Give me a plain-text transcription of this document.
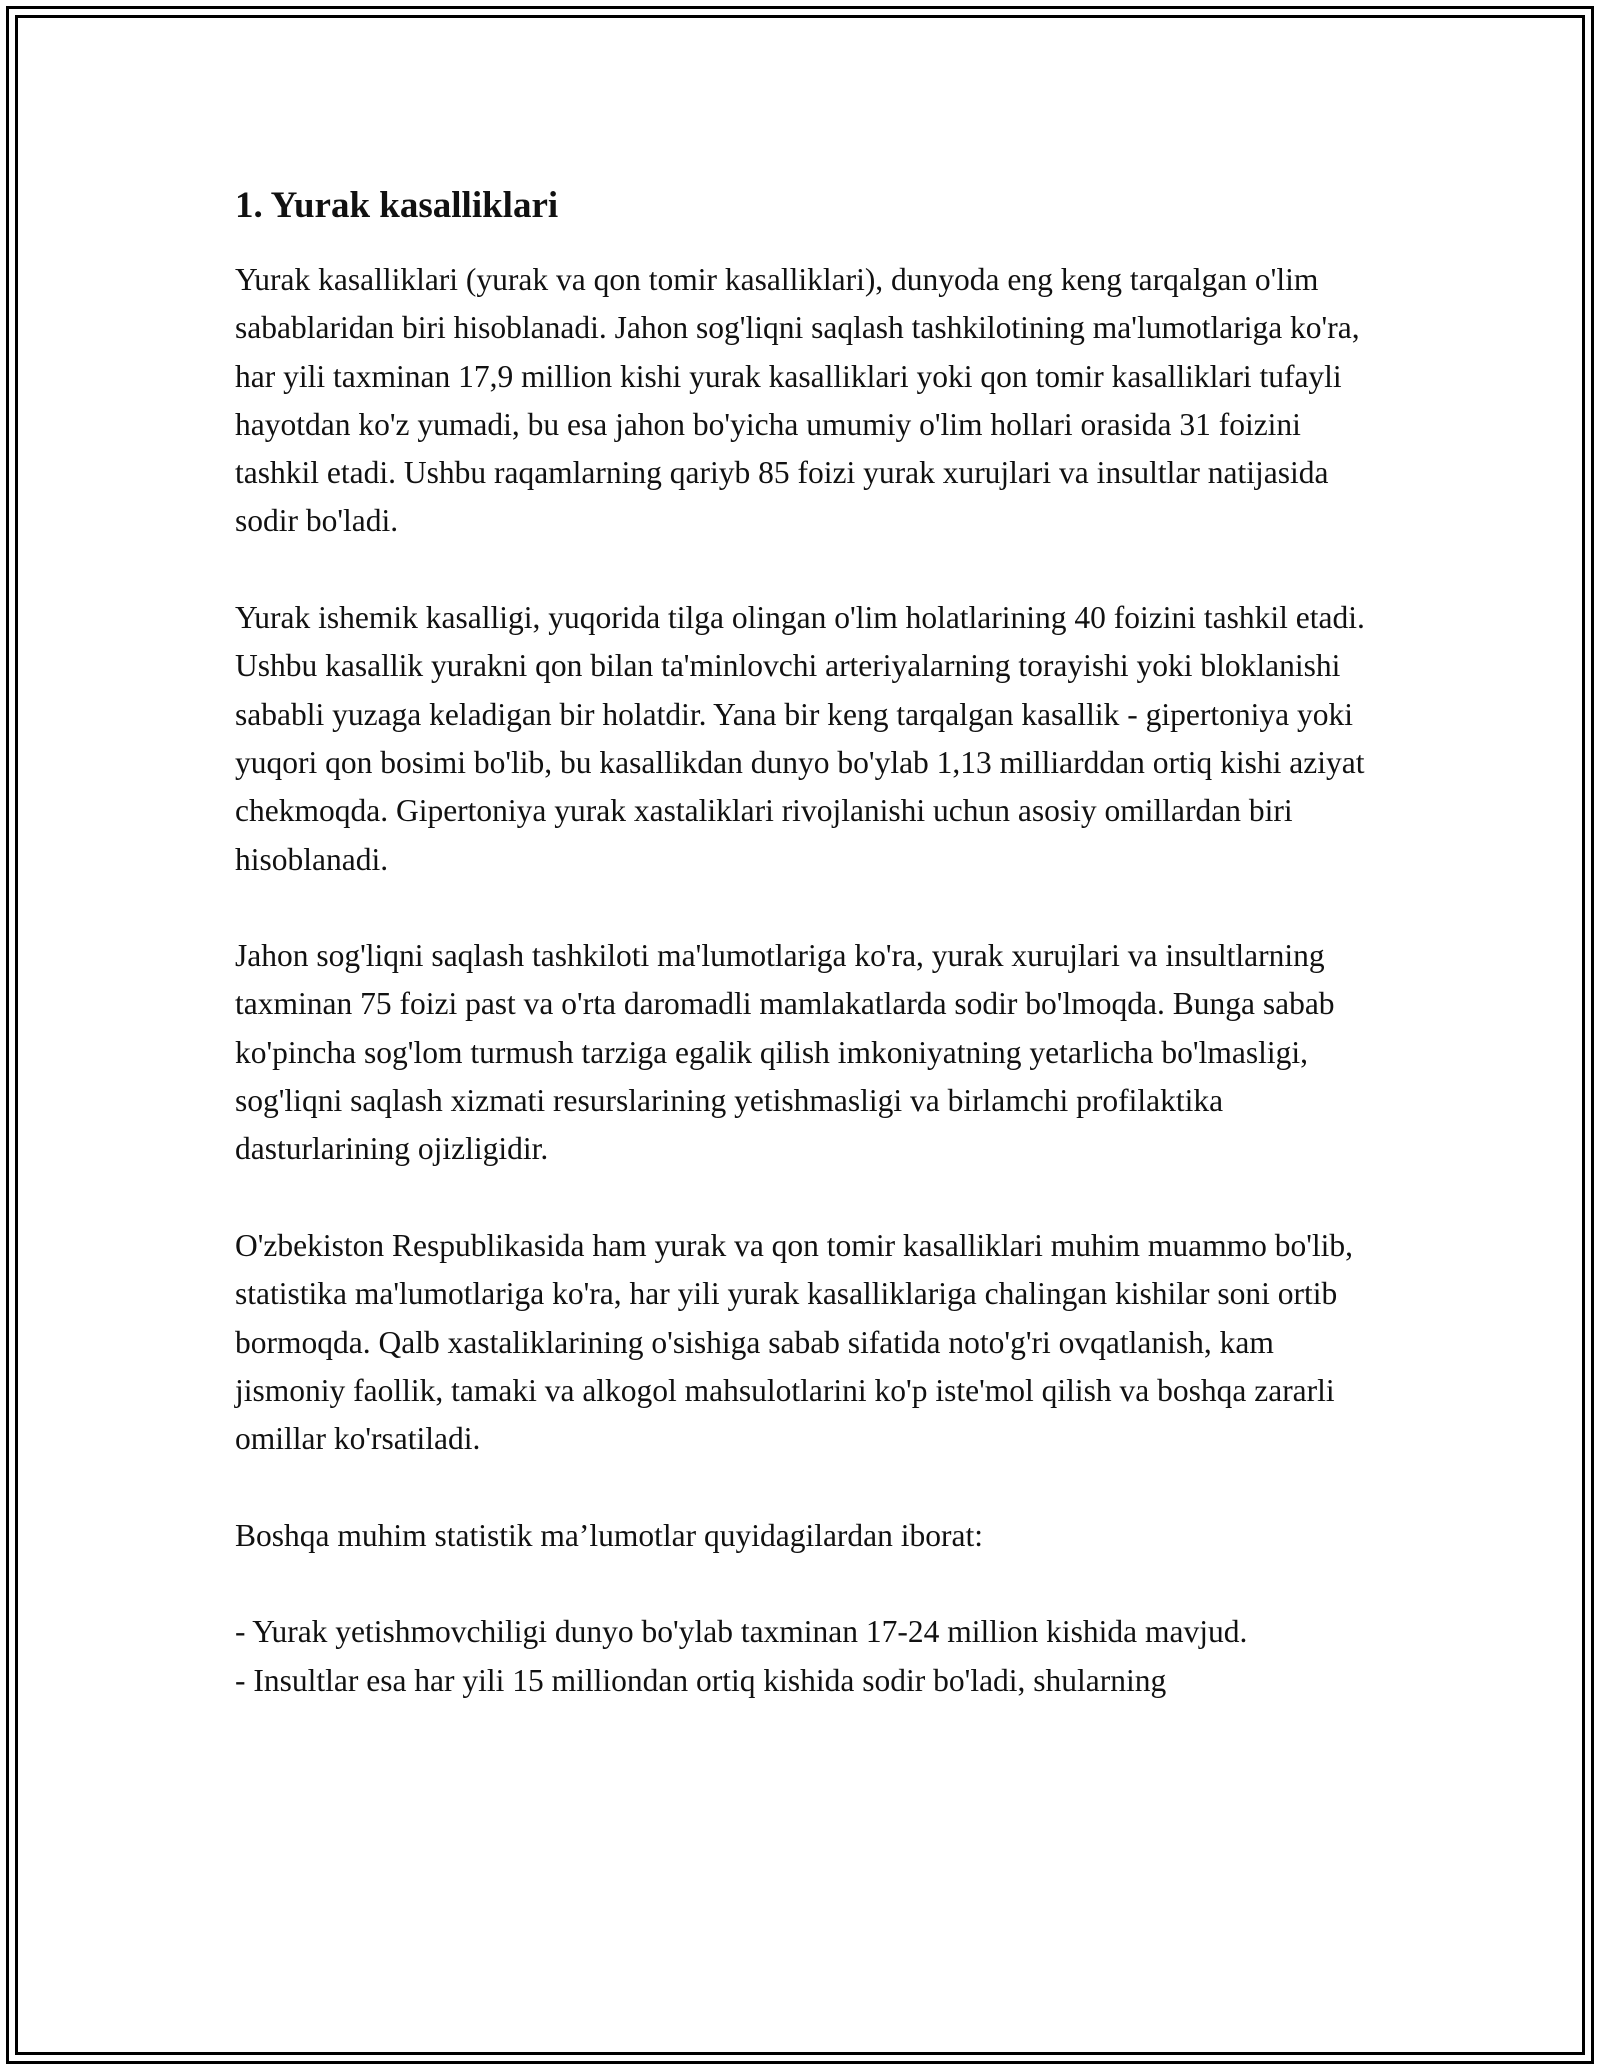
1. Yurak kasalliklari

Yurak kasalliklari (yurak va qon tomir kasalliklari), dunyoda eng keng tarqalgan o'lim sabablaridan biri hisoblanadi. Jahon sog'liqni saqlash tashkilotining ma'lumotlariga ko'ra, har yili taxminan 17,9 million kishi yurak kasalliklari yoki qon tomir kasalliklari tufayli hayotdan ko'z yumadi, bu esa jahon bo'yicha umumiy o'lim hollari orasida 31 foizini tashkil etadi. Ushbu raqamlarning qariyb 85 foizi yurak xurujlari va insultlar natijasida sodir bo'ladi.

Yurak ishemik kasalligi, yuqorida tilga olingan o'lim holatlarining 40 foizini tashkil etadi. Ushbu kasallik yurakni qon bilan ta'minlovchi arteriyalarning torayishi yoki bloklanishi sababli yuzaga keladigan bir holatdir. Yana bir keng tarqalgan kasallik - gipertoniya yoki yuqori qon bosimi bo'lib, bu kasallikdan dunyo bo'ylab 1,13 milliarddan ortiq kishi aziyat chekmoqda. Gipertoniya yurak xastaliklari rivojlanishi uchun asosiy omillardan biri hisoblanadi.

Jahon sog'liqni saqlash tashkiloti ma'lumotlariga ko'ra, yurak xurujlari va insultlarning taxminan 75 foizi past va o'rta daromadli mamlakatlarda sodir bo'lmoqda. Bunga sabab ko'pincha sog'lom turmush tarziga egalik qilish imkoniyatning yetarlicha bo'lmasligi, sog'liqni saqlash xizmati resurslarining yetishmasligi va birlamchi profilaktika dasturlarining ojizligidir.

O'zbekiston Respublikasida ham yurak va qon tomir kasalliklari muhim muammo bo'lib, statistika ma'lumotlariga ko'ra, har yili yurak kasalliklariga chalingan kishilar soni ortib bormoqda. Qalb xastaliklarining o'sishiga sabab sifatida noto'g'ri ovqatlanish, kam jismoniy faollik, tamaki va alkogol mahsulotlarini ko'p iste'mol qilish va boshqa zararli omillar ko'rsatiladi.

Boshqa muhim statistik ma’lumotlar quyidagilardan iborat:

- Yurak yetishmovchiligi dunyo bo'ylab taxminan 17-24 million kishida mavjud.

- Insultlar esa har yili 15 milliondan ortiq kishida sodir bo'ladi, shularning
